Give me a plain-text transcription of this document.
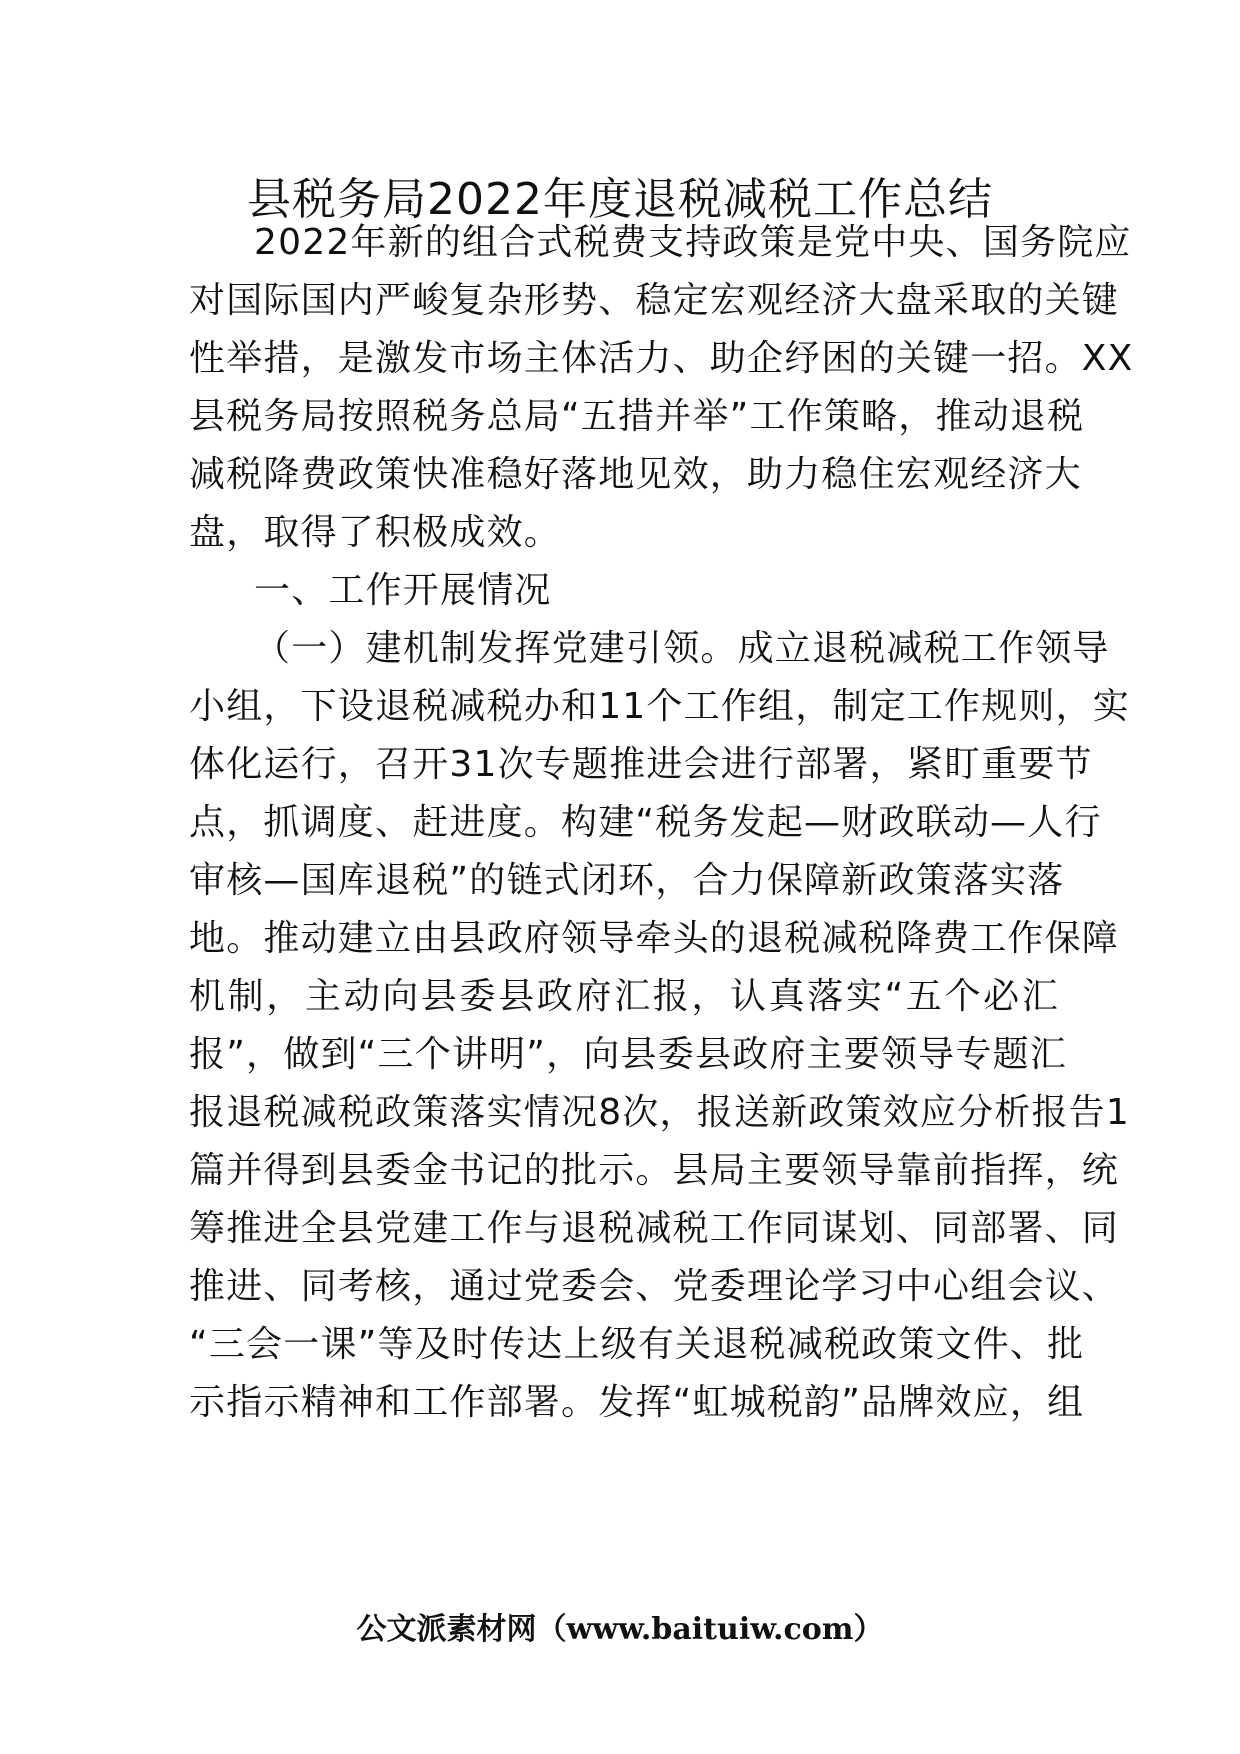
县税务局2022年度退税减税工作总结
2022年新的组合式税费支持政策是党中央、国务院应
对国际国内严峻复杂形势、稳定宏观经济大盘采取的关键
性举措，是激发市场主体活力、助企纾困的关键一招。XX
县税务局按照税务总局“五措并举”工作策略，推动退税
减税降费政策快准稳好落地见效，助力稳住宏观经济大
盘，取得了积极成效。
一、工作开展情况
（一）建机制发挥党建引领。成立退税减税工作领导
小组，下设退税减税办和11个工作组，制定工作规则，实
体化运行，召开31次专题推进会进行部署，紧盯重要节
点，抓调度、赶进度。构建“税务发起—财政联动—人行
审核—国库退税”的链式闭环，合力保障新政策落实落
地。推动建立由县政府领导牵头的退税减税降费工作保障
机制，主动向县委县政府汇报，认真落实“五个必汇
报”，做到“三个讲明”，向县委县政府主要领导专题汇
报退税减税政策落实情况8次，报送新政策效应分析报告1
篇并得到县委金书记的批示。县局主要领导靠前指挥，统
筹推进全县党建工作与退税减税工作同谋划、同部署、同
推进、同考核，通过党委会、党委理论学习中心组会议、
“三会一课”等及时传达上级有关退税减税政策文件、批
示指示精神和工作部署。发挥“虹城税韵”品牌效应，组
公文派素材网（www.baituiw.com）
